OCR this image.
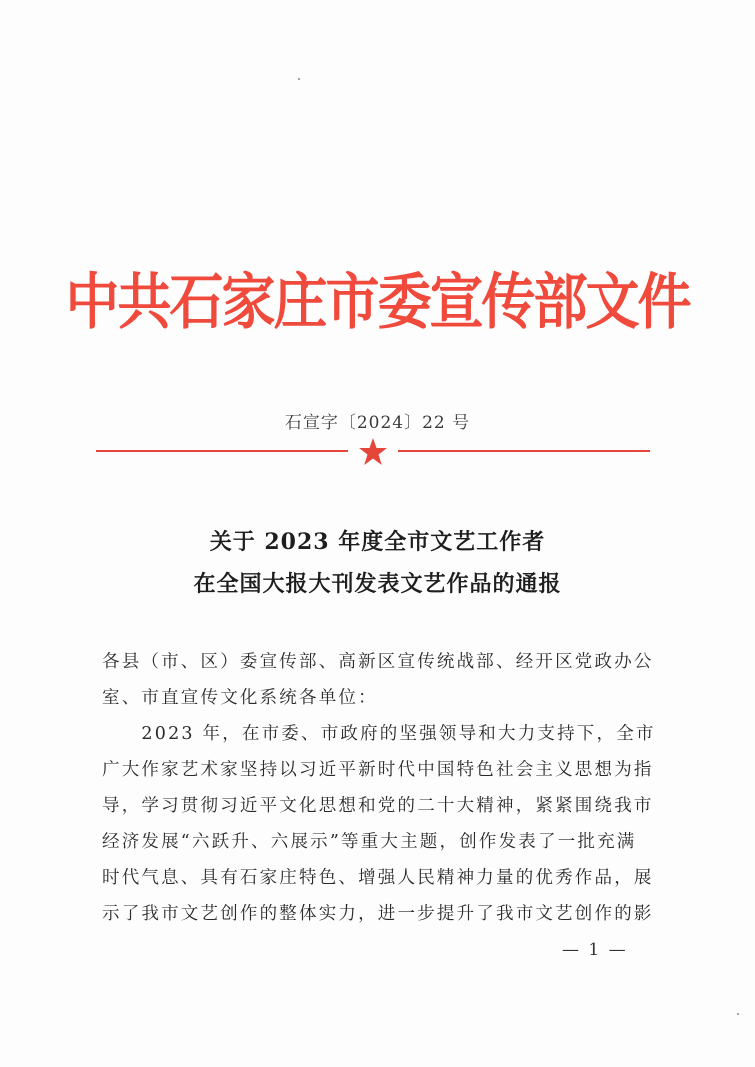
中共石家庄市委宣传部文件
石宣字〔2024〕22 号
关于 2023 年度全市文艺工作者
在全国大报大刊发表文艺作品的通报
各县（市、区）委宣传部、高新区宣传统战部、经开区党政办公
室、市直宣传文化系统各单位：
　　2023 年，在市委、市政府的坚强领导和大力支持下，全市
广大作家艺术家坚持以习近平新时代中国特色社会主义思想为指
导，学习贯彻习近平文化思想和党的二十大精神，紧紧围绕我市
经济发展“六跃升、六展示”等重大主题，创作发表了一批充满
时代气息、具有石家庄特色、增强人民精神力量的优秀作品，展
示了我市文艺创作的整体实力，进一步提升了我市文艺创作的影
— 1 —
